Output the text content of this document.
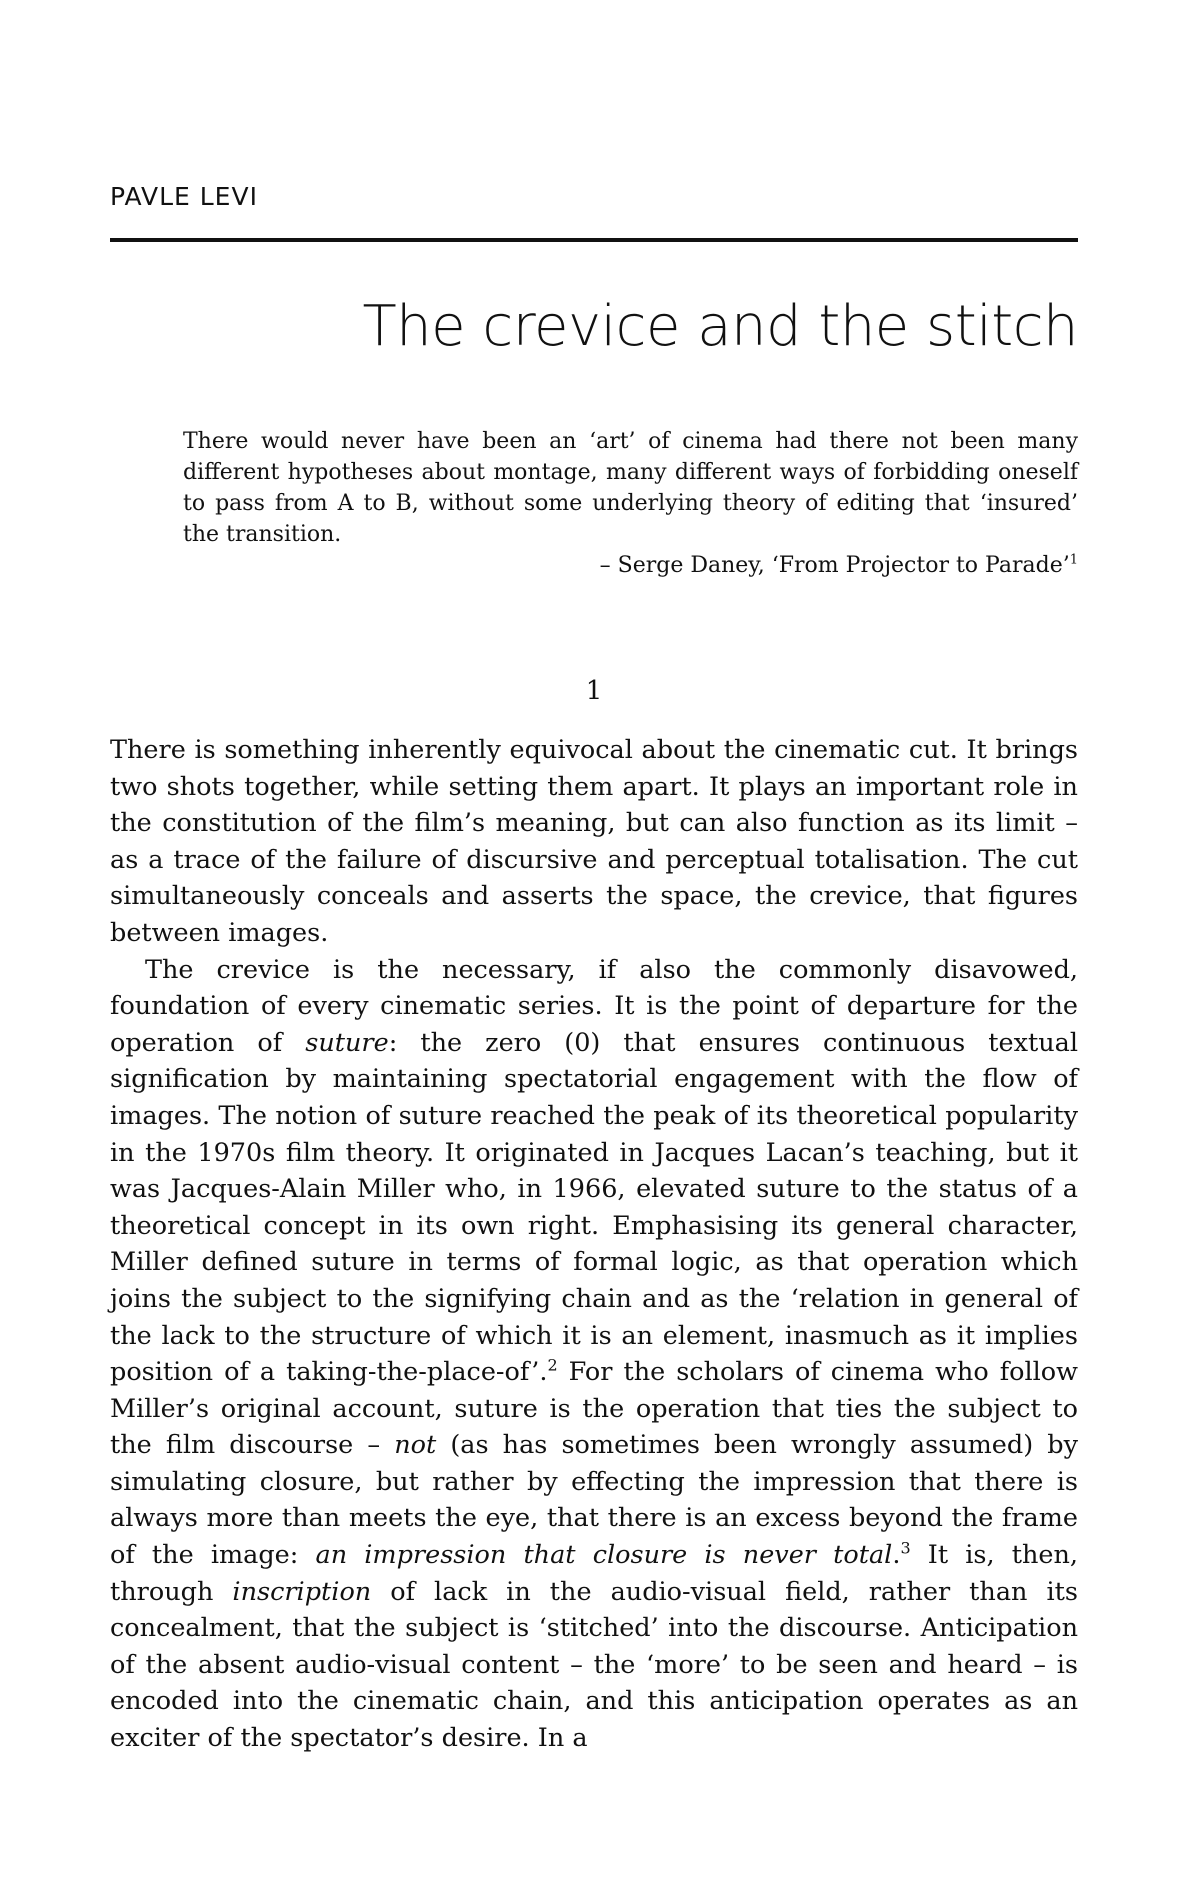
PAVLE LEVI
The crevice and the stitch

There would never have been an ‘art’ of cinema had there not been many different hypotheses about montage, many different ways of forbidding oneself to pass from A to B, without some underlying theory of editing that ‘insured’ the transition.

– Serge Daney, ‘From Projector to Parade’$^1$

1

There is something inherently equivocal about the cinematic cut. It brings two shots together, while setting them apart. It plays an important role in the constitution of the film’s meaning, but can also function as its limit – as a trace of the failure of discursive and perceptual totalisation. The cut simultaneously conceals and asserts the space, the crevice, that figures between images.

The crevice is the necessary, if also the commonly disavowed, foundation of every cinematic series. It is the point of departure for the operation of suture: the zero (0) that ensures continuous textual signification by maintaining spectatorial engagement with the flow of images. The notion of suture reached the peak of its theoretical popularity in the 1970s film theory. It originated in Jacques Lacan’s teaching, but it was Jacques-Alain Miller who, in 1966, elevated suture to the status of a theoretical concept in its own right. Emphasising its general character, Miller defined suture in terms of formal logic, as that operation which joins the subject to the signifying chain and as the ‘relation in general of the lack to the structure of which it is an element, inasmuch as it implies position of a taking-the-place-of’.$^2$ For the scholars of cinema who follow Miller’s original account, suture is the operation that ties the subject to the film discourse – not (as has sometimes been wrongly assumed) by simulating closure, but rather by effecting the impression that there is always more than meets the eye, that there is an excess beyond the frame of the image: an impression that closure is never total.$^3$ It is, then, through inscription of lack in the audio-visual field, rather than its concealment, that the subject is ‘stitched’ into the discourse. Anticipation of the absent audio-visual content – the ‘more’ to be seen and heard – is encoded into the cinematic chain, and this anticipation operates as an exciter of the spectator’s desire. In a
